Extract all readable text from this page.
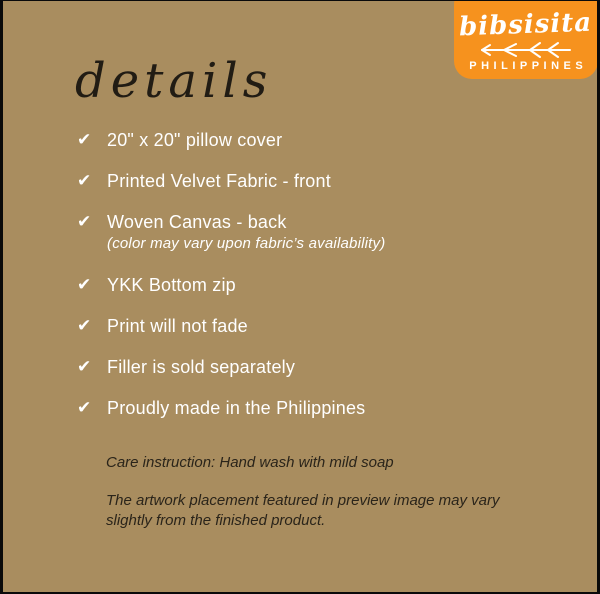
bibsisita
PHILIPPINES
details
✔ 20" x 20" pillow cover
✔ Printed Velvet Fabric - front
✔ Woven Canvas - back
(color may vary upon fabric’s availability)
✔ YKK Bottom zip
✔ Print will not fade
✔ Filler is sold separately
✔ Proudly made in the Philippines

Care instruction: Hand wash with mild soap

The artwork placement featured in preview image may vary slightly from the finished product.
